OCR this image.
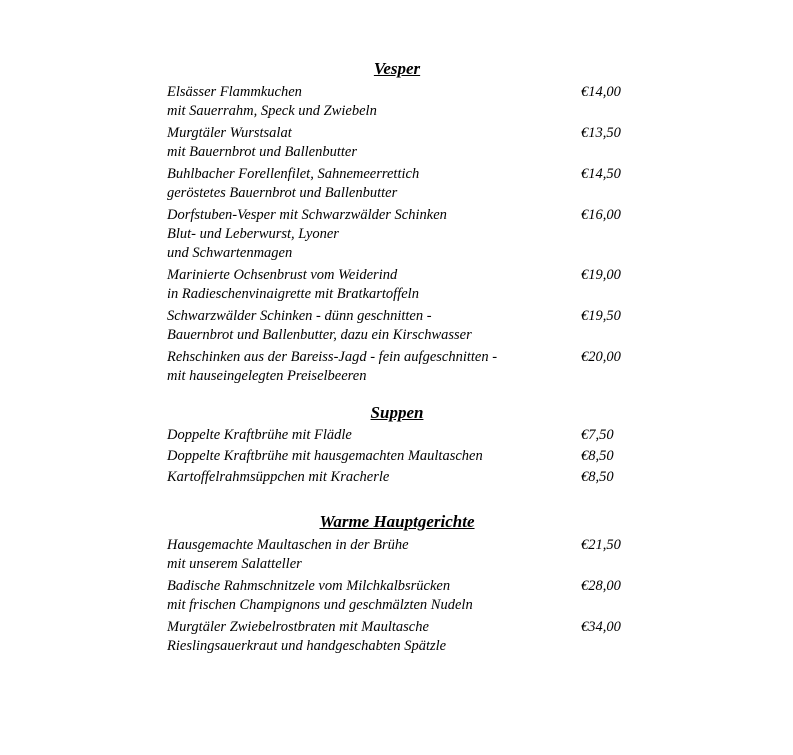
Vesper
Elsässer Flammkuchen
mit Sauerrahm, Speck und Zwiebeln
€14,00
Murgtäler Wurstsalat
mit Bauernbrot und Ballenbutter
€13,50
Buhlbacher Forellenfilet, Sahnemeerrettich
geröstetes Bauernbrot und Ballenbutter
€14,50
Dorfstuben-Vesper mit Schwarzwälder Schinken
Blut- und Leberwurst, Lyoner
und Schwartenmagen
€16,00
Marinierte Ochsenbrust vom Weiderind
in Radieschenvinaigrette mit Bratkartoffeln
€19,00
Schwarzwälder Schinken - dünn geschnitten -
Bauernbrot und Ballenbutter, dazu ein Kirschwasser
€19,50
Rehschinken aus der Bareiss-Jagd - fein aufgeschnitten -
mit hauseingelegten Preiselbeeren
€20,00
Suppen
Doppelte Kraftbrühe mit Flädle	€7,50
Doppelte Kraftbrühe mit hausgemachten Maultaschen	€8,50
Kartoffelrahmsüppchen mit Kracherle	€8,50
Warme Hauptgerichte
Hausgemachte Maultaschen in der Brühe
mit unserem Salatteller
€21,50
Badische Rahmschnitzele vom Milchkalbsrücken
mit frischen Champignons und geschmälzten Nudeln
€28,00
Murgtäler Zwiebelrostbraten mit Maultasche
Rieslingsauerkraut und handgeschabten Spätzle
€34,00
